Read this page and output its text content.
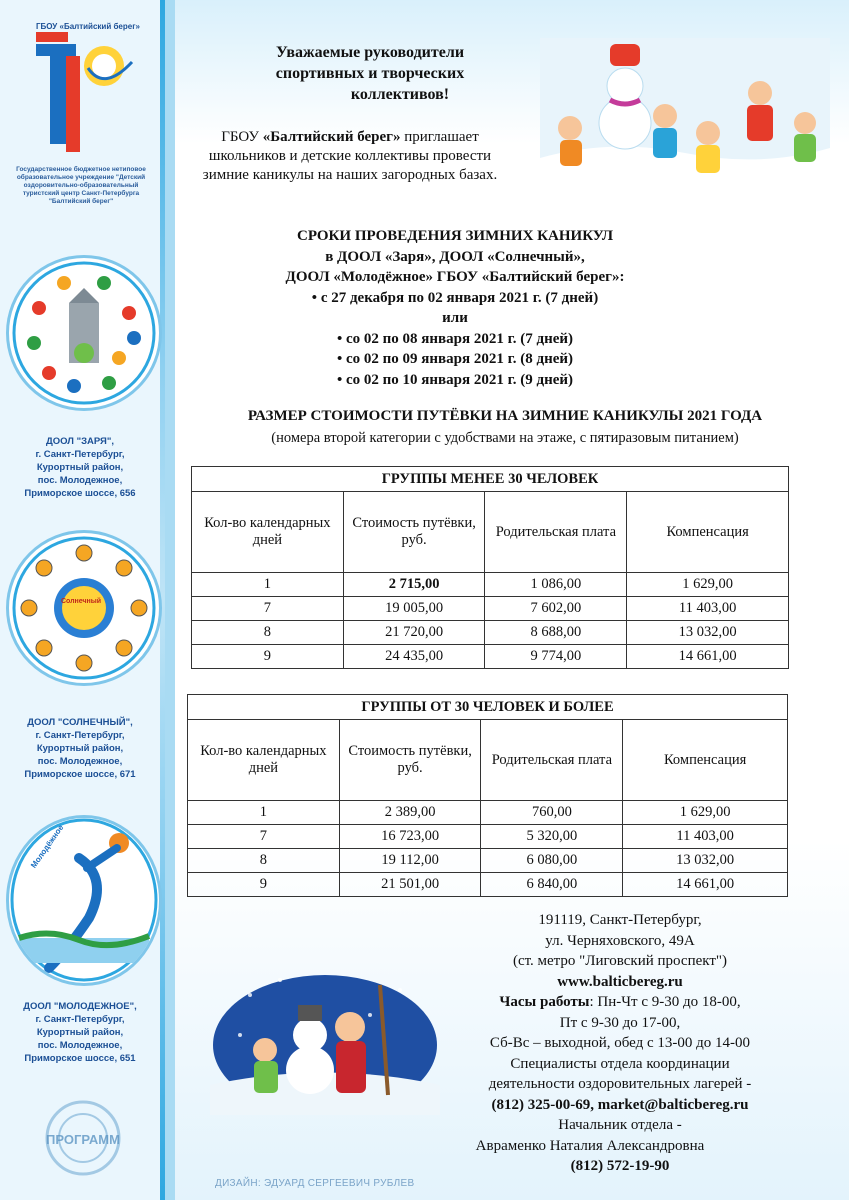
ГБОУ «Балтийский берег»
Государственное бюджетное нетиповое образовательное учреждение "Детский оздоровительно-образовательный туристский центр Санкт-Петербурга "Балтийский берег"
ДООЛ "ЗАРЯ",
г. Санкт-Петербург,
Курортный район,
пос. Молодежное,
Приморское шоссе, 656
Солнечный
ДООЛ "СОЛНЕЧНЫЙ",
г. Санкт-Петербург,
Курортный район,
пос. Молодежное,
Приморское шоссе, 671
Молодёжное
ДООЛ "МОЛОДЕЖНОЕ",
г. Санкт-Петербург,
Курортный район,
пос. Молодежное,
Приморское шоссе, 651
ПРОГРАММ
Уважаемые руководители
спортивных и творческих
коллективов!
ГБОУ «Балтийский берег» приглашает
школьников и детские коллективы провести
зимние каникулы на наших загородных базах.
СРОКИ ПРОВЕДЕНИЯ ЗИМНИХ КАНИКУЛ
в ДООЛ «Заря», ДООЛ «Солнечный»,
ДООЛ «Молодёжное» ГБОУ «Балтийский берег»:
• с 27 декабря по 02 января 2021 г. (7 дней)
или
• со 02 по 08 января 2021 г. (7 дней)
• со 02 по 09 января 2021 г. (8 дней)
• со 02 по 10 января 2021 г. (9 дней)
РАЗМЕР СТОИМОСТИ ПУТЁВКИ НА ЗИМНИЕ КАНИКУЛЫ 2021 ГОДА
(номера второй категории с удобствами на этаже, с пятиразовым питанием)
ГРУППЫ МЕНЕЕ 30 ЧЕЛОВЕК			
Кол-во календарных дней	Стоимость путёвки, руб.	Родительская плата	Компенсация
1	2 715,00	1 086,00	1 629,00
7	19 005,00	7 602,00	11 403,00
8	21 720,00	8 688,00	13 032,00
9	24 435,00	9 774,00	14 661,00
ГРУППЫ ОТ 30 ЧЕЛОВЕК И БОЛЕЕ			
Кол-во календарных дней	Стоимость путёвки, руб.	Родительская плата	Компенсация
1	2 389,00	760,00	1 629,00
7	16 723,00	5 320,00	11 403,00
8	19 112,00	6 080,00	13 032,00
9	21 501,00	6 840,00	14 661,00
191119, Санкт-Петербург,
ул. Черняховского, 49А
(ст. метро "Лиговский проспект")
www.balticbereg.ru
Часы работы: Пн-Чт с 9-30 до 18-00,
Пт с 9-30 до 17-00,
Сб-Вс – выходной, обед с 13-00 до 14-00
Специалисты отдела координации
деятельности оздоровительных лагерей -
(812) 325-00-69, market@balticbereg.ru
Начальник отдела -
Авраменко Наталия Александровна
(812) 572-19-90
ДИЗАЙН: ЭДУАРД СЕРГЕЕВИЧ РУБЛЕВ
